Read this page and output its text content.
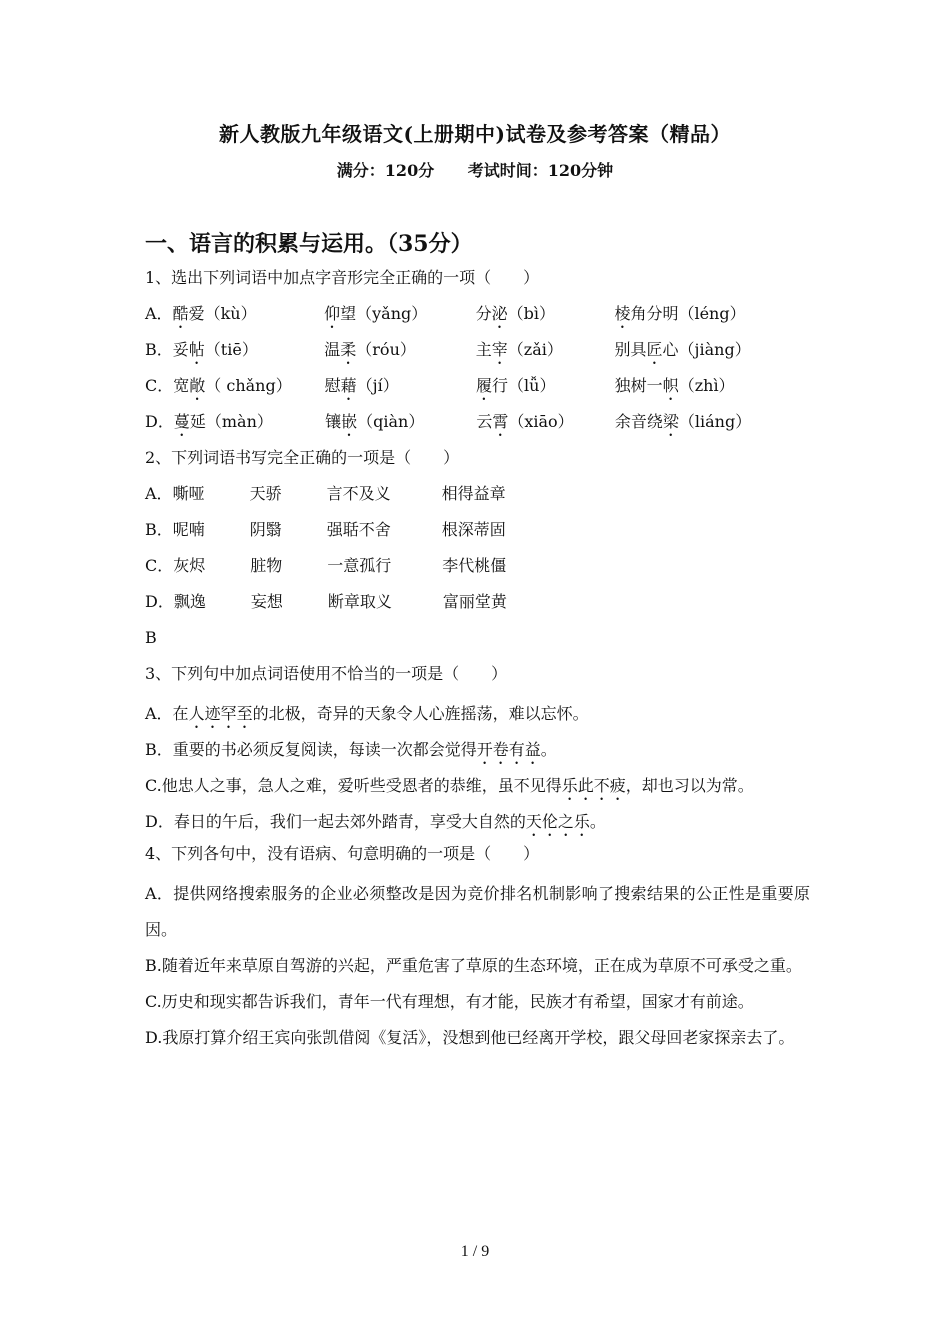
新人教版九年级语文(上册期中)试卷及参考答案（精品）
满分：120分 考试时间：120分钟
一、语言的积累与运用。（35分）
1、选出下列词语中加点字音形完全正确的一项（　　）
A． 酷爱（kù）	仰望（yǎng）	分泌（bì）	棱角分明（léng）
B． 妥帖（tiē）	温柔（róu）	主宰（zǎi）	别具匠心（jiàng）
C． 宽敞（ chǎng）	慰藉（jí）	履行（lǚ）	独树一帜（zhì）
D． 蔓延（màn）	镶嵌（qiàn）	云霄（xiāo）	余音绕梁（liáng）
2、下列词语书写完全正确的一项是（　　）
A． 嘶哑	天骄	言不及义	相得益章
B． 呢喃	阴翳	强聒不舍	根深蒂固
C． 灰烬	脏物	一意孤行	李代桃僵
D． 飘逸	妄想	断章取义	富丽堂黄
B
3、下列句中加点词语使用不恰当的一项是（　　）
A．在人迹罕至的北极，奇异的天象令人心旌摇荡，难以忘怀。
B．重要的书必须反复阅读，每读一次都会觉得开卷有益。
C.他忠人之事，急人之难，爱听些受恩者的恭维，虽不见得乐此不疲，却也习以为常。
D．春日的午后，我们一起去郊外踏青，享受大自然的天伦之乐。
4、下列各句中，没有语病、句意明确的一项是（　　）
A．提供网络搜索服务的企业必须整改是因为竞价排名机制影响了搜索结果的公正性是重要原因。
B.随着近年来草原自驾游的兴起，严重危害了草原的生态环境，正在成为草原不可承受之重。
C.历史和现实都告诉我们，青年一代有理想，有才能，民族才有希望，国家才有前途。
D.我原打算介绍王宾向张凯借阅《复活》，没想到他已经离开学校，跟父母回老家探亲去了。
1 / 9
